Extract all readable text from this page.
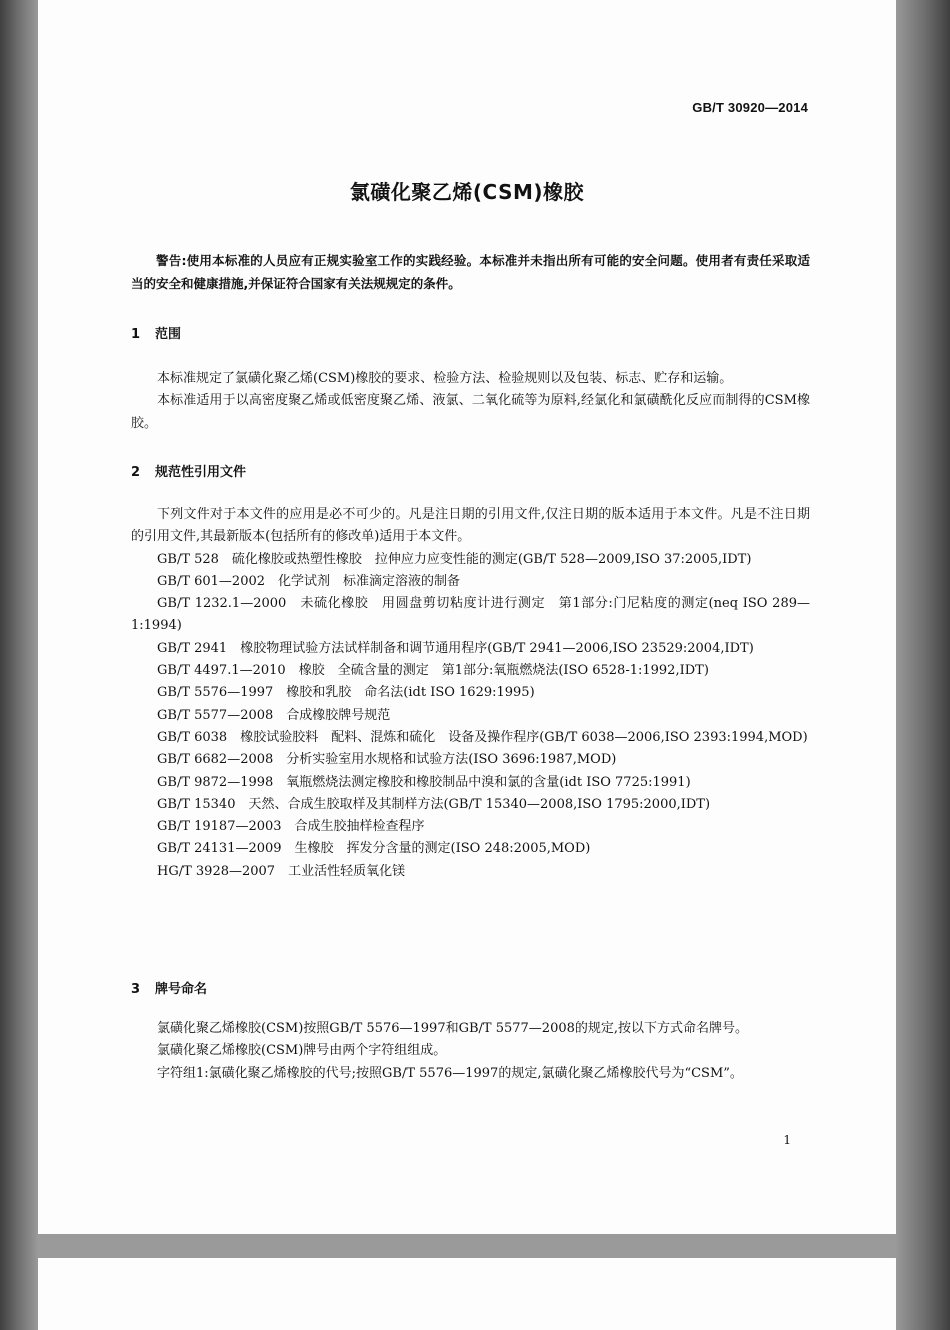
GB/T 30920—2014
氯磺化聚乙烯(CSM)橡胶

警告:使用本标准的人员应有正规实验室工作的实践经验。本标准并未指出所有可能的安全问题。使用者有责任采取适当的安全和健康措施,并保证符合国家有关法规规定的条件。

1 范围

本标准规定了氯磺化聚乙烯(CSM)橡胶的要求、检验方法、检验规则以及包装、标志、贮存和运输。

本标准适用于以高密度聚乙烯或低密度聚乙烯、液氯、二氧化硫等为原料,经氯化和氯磺酰化反应而制得的CSM橡胶。

2 规范性引用文件

下列文件对于本文件的应用是必不可少的。凡是注日期的引用文件,仅注日期的版本适用于本文件。凡是不注日期的引用文件,其最新版本(包括所有的修改单)适用于本文件。

GB/T 528　硫化橡胶或热塑性橡胶　拉伸应力应变性能的测定(GB/T 528—2009,ISO 37:2005,IDT)

GB/T 601—2002　化学试剂　标准滴定溶液的制备

GB/T 1232.1—2000　未硫化橡胶　用圆盘剪切粘度计进行测定　第1部分:门尼粘度的测定(neq ISO 289—1:1994)

GB/T 2941　橡胶物理试验方法试样制备和调节通用程序(GB/T 2941—2006,ISO 23529:2004,IDT)

GB/T 4497.1—2010　橡胶　全硫含量的测定　第1部分:氧瓶燃烧法(ISO 6528-1:1992,IDT)

GB/T 5576—1997　橡胶和乳胶　命名法(idt ISO 1629:1995)

GB/T 5577—2008　合成橡胶牌号规范

GB/T 6038　橡胶试验胶料　配料、混炼和硫化　设备及操作程序(GB/T 6038—2006,ISO 2393:1994,MOD)

GB/T 6682—2008　分析实验室用水规格和试验方法(ISO 3696:1987,MOD)

GB/T 9872—1998　氧瓶燃烧法测定橡胶和橡胶制品中溴和氯的含量(idt ISO 7725:1991)

GB/T 15340　天然、合成生胶取样及其制样方法(GB/T 15340—2008,ISO 1795:2000,IDT)

GB/T 19187—2003　合成生胶抽样检查程序

GB/T 24131—2009　生橡胶　挥发分含量的测定(ISO 248:2005,MOD)

HG/T 3928—2007　工业活性轻质氧化镁

3 牌号命名

氯磺化聚乙烯橡胶(CSM)按照GB/T 5576—1997和GB/T 5577—2008的规定,按以下方式命名牌号。

氯磺化聚乙烯橡胶(CSM)牌号由两个字符组组成。

字符组1:氯磺化聚乙烯橡胶的代号;按照GB/T 5576—1997的规定,氯磺化聚乙烯橡胶代号为“CSM”。

1
